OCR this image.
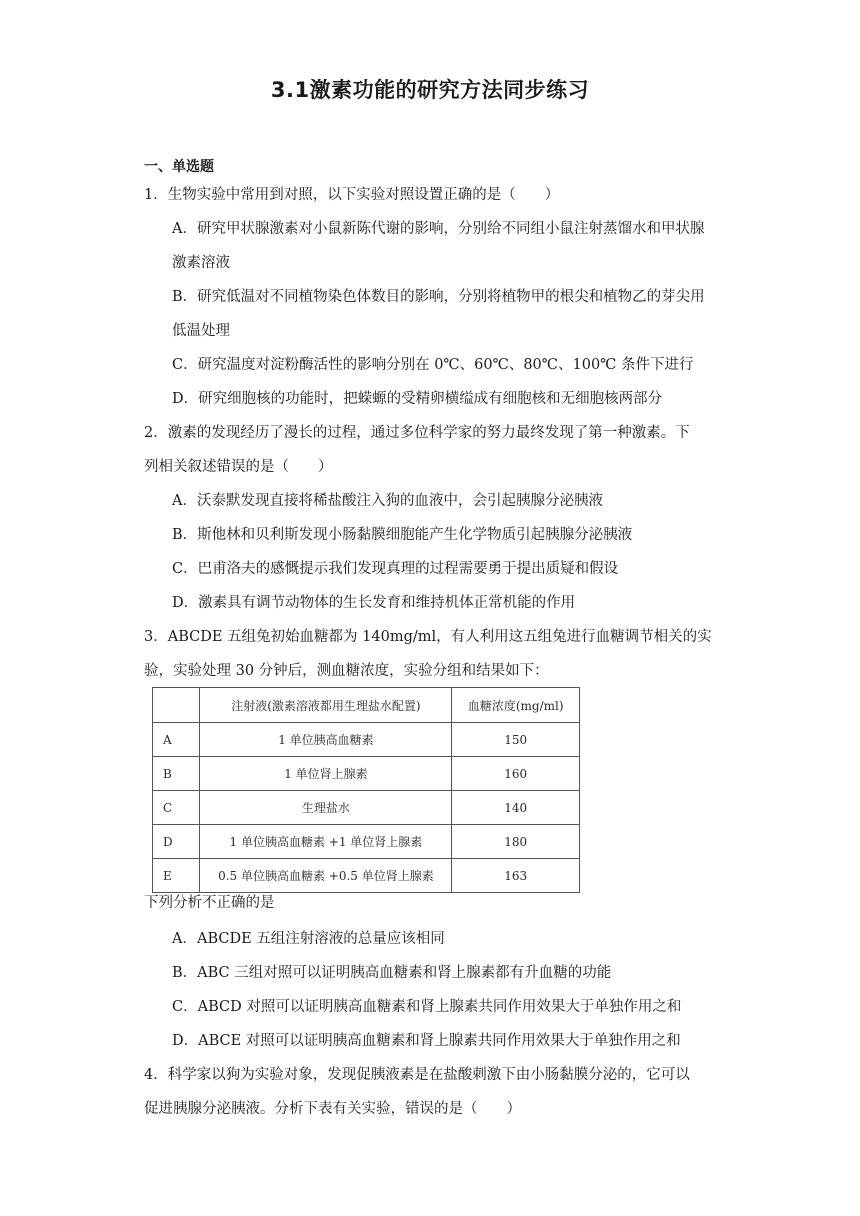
3.1激素功能的研究方法同步练习
一、单选题
1．生物实验中常用到对照，以下实验对照设置正确的是（　　）
A．研究甲状腺激素对小鼠新陈代谢的影响，分别给不同组小鼠注射蒸馏水和甲状腺
激素溶液
B．研究低温对不同植物染色体数目的影响，分别将植物甲的根尖和植物乙的芽尖用
低温处理
C．研究温度对淀粉酶活性的影响分别在 0℃、60℃、80℃、100℃ 条件下进行
D．研究细胞核的功能时，把蝾螈的受精卵横缢成有细胞核和无细胞核两部分
2．激素的发现经历了漫长的过程，通过多位科学家的努力最终发现了第一种激素。下
列相关叙述错误的是（　　）
A．沃泰默发现直接将稀盐酸注入狗的血液中，会引起胰腺分泌胰液
B．斯他林和贝利斯发现小肠黏膜细胞能产生化学物质引起胰腺分泌胰液
C．巴甫洛夫的感慨提示我们发现真理的过程需要勇于提出质疑和假设
D．激素具有调节动物体的生长发育和维持机体正常机能的作用
3．ABCDE 五组兔初始血糖都为 140mg/ml，有人利用这五组兔进行血糖调节相关的实
验，实验处理 30 分钟后，测血糖浓度，实验分组和结果如下：
	注射液(激素溶液都用生理盐水配置)	血糖浓度(mg/ml)
A	1 单位胰高血糖素	150
B	1 单位肾上腺素	160
C	生理盐水	140
D	1 单位胰高血糖素 +1 单位肾上腺素	180
E	0.5 单位胰高血糖素 +0.5 单位肾上腺素	163
下列分析不正确的是
A．ABCDE 五组注射溶液的总量应该相同
B．ABC 三组对照可以证明胰高血糖素和肾上腺素都有升血糖的功能
C．ABCD 对照可以证明胰高血糖素和肾上腺素共同作用效果大于单独作用之和
D．ABCE 对照可以证明胰高血糖素和肾上腺素共同作用效果大于单独作用之和
4．科学家以狗为实验对象，发现促胰液素是在盐酸刺激下由小肠黏膜分泌的，它可以
促进胰腺分泌胰液。分析下表有关实验，错误的是（　　）
